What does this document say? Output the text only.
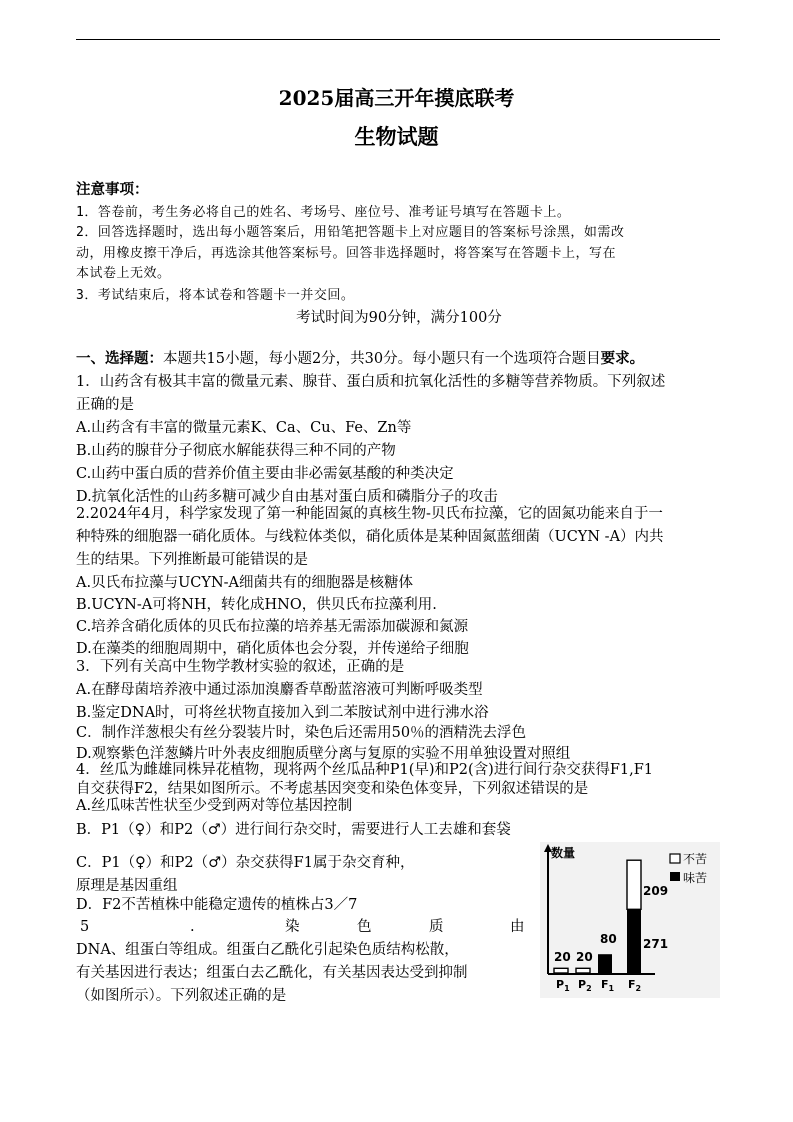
2025届高三开年摸底联考
生物试题
注意事项：
1．答卷前，考生务必将自己的姓名、考场号、座位号、准考证号填写在答题卡上。
2．回答选择题时，选出每小题答案后，用铅笔把答题卡上对应题目的答案标号涂黑，如需改
动，用橡皮擦干净后，再选涂其他答案标号。回答非选择题时，将答案写在答题卡上，写在
本试卷上无效。
3．考试结束后，将本试卷和答题卡一并交回。
考试时间为90分钟，满分100分
一、选择题：本题共15小题，每小题2分，共30分。每小题只有一个选项符合题目要求。
1．山药含有极其丰富的微量元素、腺苷、蛋白质和抗氧化活性的多糖等营养物质。下列叙述
正确的是
A.山药含有丰富的微量元素K、Ca、Cu、Fe、Zn等
B.山药的腺苷分子彻底水解能获得三种不同的产物
C.山药中蛋白质的营养价值主要由非必需氨基酸的种类决定
D.抗氧化活性的山药多糖可减少自由基对蛋白质和磷脂分子的攻击
2.2024年4月，科学家发现了第一种能固氮的真核生物-贝氏布拉藻，它的固氮功能来自于一
种特殊的细胞器一硝化质体。与线粒体类似，硝化质体是某种固氮蓝细菌（UCYN -A）内共
生的结果。下列推断最可能错误的是
A.贝氏布拉藻与UCYN-A细菌共有的细胞器是核糖体
B.UCYN-A可将NH，转化成HNO，供贝氏布拉藻利用.
C.培养含硝化质体的贝氏布拉藻的培养基无需添加碳源和氮源
D.在藻类的细胞周期中，硝化质体也会分裂，并传递给子细胞
3．下列有关高中生物学教材实验的叙述，正确的是
A.在酵母菌培养液中通过添加溴麝香草酚蓝溶液可判断呼吸类型
B.鉴定DNA时，可将丝状物直接加入到二苯胺试剂中进行沸水浴
C．制作洋葱根尖有丝分裂装片时，染色后还需用50％的酒精洗去浮色
D.观察紫色洋葱鳞片叶外表皮细胞质壁分离与复原的实验不用单独设置对照组
4．丝瓜为雌雄同株异花植物，现将两个丝瓜品种P1(早)和P2(含)进行间行杂交获得F1,F1
自交获得F2，结果如图所示。不考虑基因突变和染色体变异，下列叙述错误的是
A.丝瓜味苦性状至少受到两对等位基因控制
B．P1（♀）和P2（♂）进行间行杂交时，需要进行人工去雄和套袋
C．P1（♀）和P2（♂）杂交获得F1属于杂交育种，
原理是基因重组
D．F2不苦植株中能稳定遗传的植株占3／7
5	.	染	色	质	由
DNA、组蛋白等组成。组蛋白乙酰化引起染色质结构松散，
有关基因进行表达；组蛋白去乙酰化，有关基因表达受到抑制
（如图所示）。下列叙述正确的是
数量	不苦
味苦
20 20
80
209
271
$P_1$ $P_2$ $F_1$ $F_2$
